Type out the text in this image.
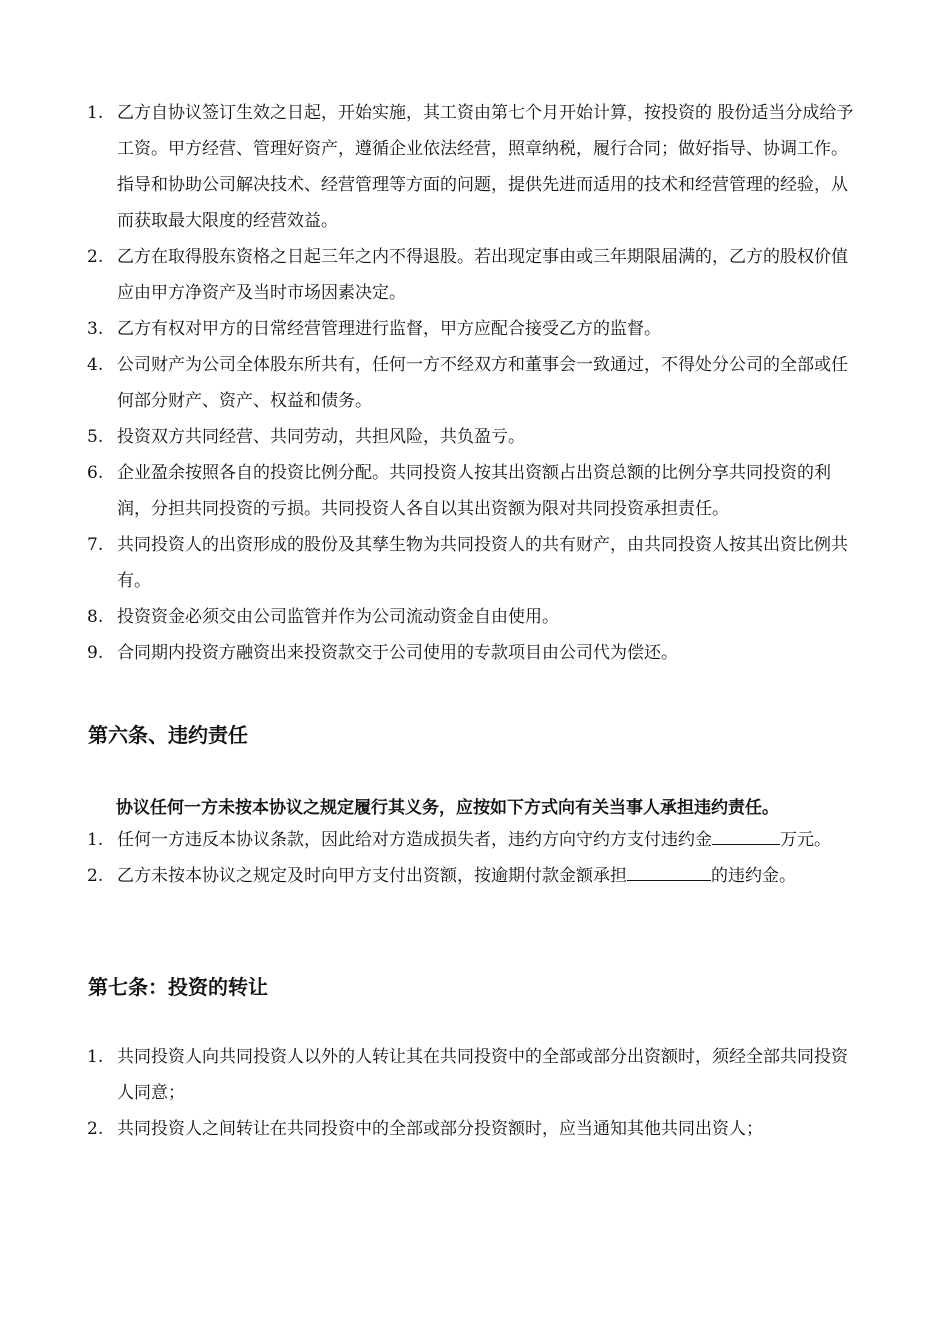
1. 乙方自协议签订生效之日起，开始实施，其工资由第七个月开始计算，按投资的 股份适当分成给予工资。甲方经营、管理好资产，遵循企业依法经营，照章纳税，履行合同；做好指导、协调工作。指导和协助公司解决技术、经营管理等方面的问题，提供先进而适用的技术和经营管理的经验，从而获取最大限度的经营效益。
2. 乙方在取得股东资格之日起三年之内不得退股。若出现定事由或三年期限届满的，乙方的股权价值应由甲方净资产及当时市场因素决定。
3. 乙方有权对甲方的日常经营管理进行监督，甲方应配合接受乙方的监督。
4. 公司财产为公司全体股东所共有，任何一方不经双方和董事会一致通过，不得处分公司的全部或任何部分财产、资产、权益和债务。
5. 投资双方共同经营、共同劳动，共担风险，共负盈亏。
6. 企业盈余按照各自的投资比例分配。共同投资人按其出资额占出资总额的比例分享共同投资的利润，分担共同投资的亏损。共同投资人各自以其出资额为限对共同投资承担责任。
7. 共同投资人的出资形成的股份及其孳生物为共同投资人的共有财产，由共同投资人按其出资比例共有。
8. 投资资金必须交由公司监管并作为公司流动资金自由使用。
9. 合同期内投资方融资出来投资款交于公司使用的专款项目由公司代为偿还。
第六条、违约责任
协议任何一方未按本协议之规定履行其义务，应按如下方式向有关当事人承担违约责任。
1. 任何一方违反本协议条款，因此给对方造成损失者，违约方向守约方支付违约金	万元。
2. 乙方未按本协议之规定及时向甲方支付出资额，按逾期付款金额承担	的违约金。
第七条：投资的转让
1. 共同投资人向共同投资人以外的人转让其在共同投资中的全部或部分出资额时，须经全部共同投资人同意；
2. 共同投资人之间转让在共同投资中的全部或部分投资额时，应当通知其他共同出资人；
